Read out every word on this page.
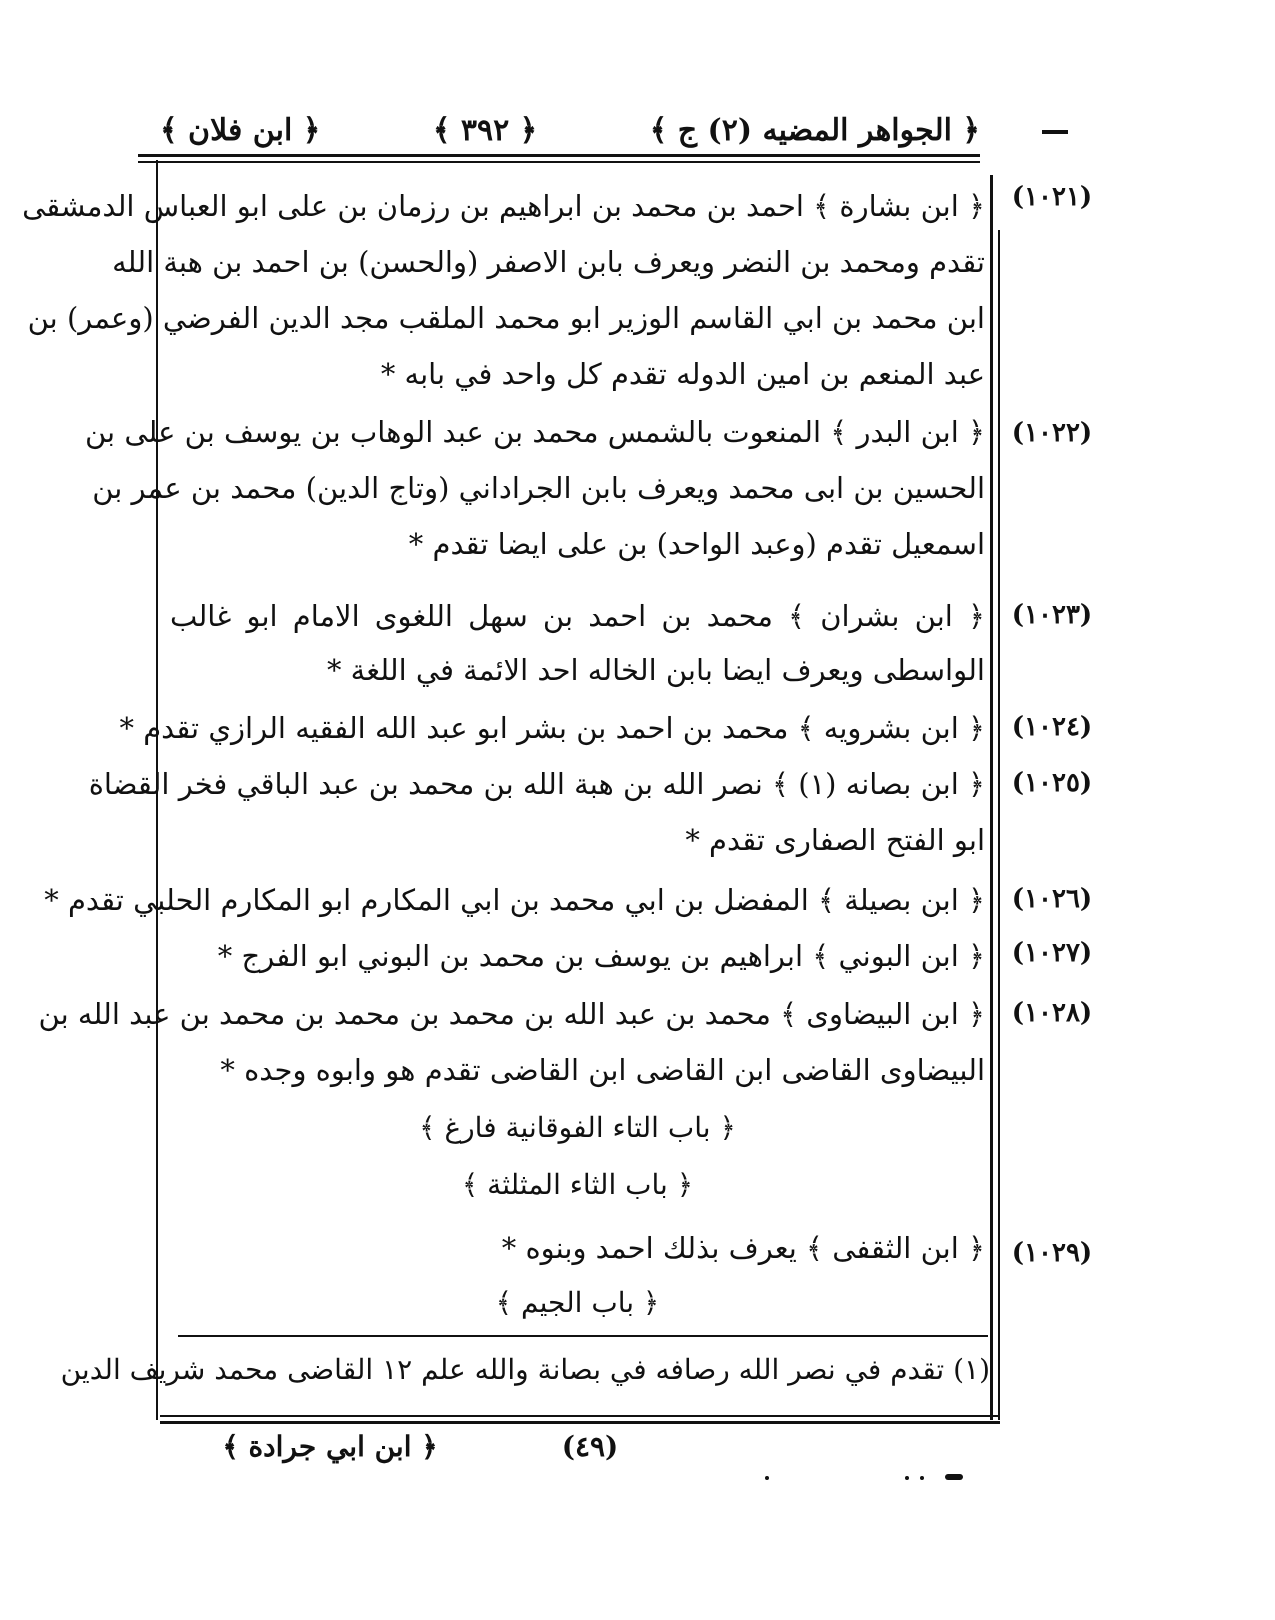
﴿ الجواهر المضيه (٢) ج ﴾
﴿ ٣٩٢ ﴾
﴿ ابن فلان ﴾
(١٠٢١)
﴿ ابن بشارة ﴾ احمد بن محمد بن ابراهيم بن رزمان بن على ابو العباس الدمشقى
تقدم ومحمد بن النضر ويعرف بابن الاصفر (والحسن) بن احمد بن هبة الله
ابن محمد بن ابي القاسم الوزير ابو محمد الملقب مجد الدين الفرضي (وعمر) بن
عبد المنعم بن امين الدوله تقدم كل واحد في بابه *
(١٠٢٢)
﴿ ابن البدر ﴾ المنعوت بالشمس محمد بن عبد الوهاب بن يوسف بن على بن
الحسين بن ابى محمد ويعرف بابن الجراداني (وتاج الدين) محمد بن عمر بن
اسمعيل تقدم (وعبد الواحد) بن على ايضا تقدم *
(١٠٢٣)
﴿ ابن بشران ﴾ محمد بن احمد بن سهل اللغوى الامام ابو غالب
الواسطى ويعرف ايضا بابن الخاله احد الائمة في اللغة *
(١٠٢٤)
﴿ ابن بشرويه ﴾ محمد بن احمد بن بشر ابو عبد الله الفقيه الرازي تقدم *
(١٠٢٥)
﴿ ابن بصانه (١) ﴾ نصر الله بن هبة الله بن محمد بن عبد الباقي فخر القضاة
ابو الفتح الصفارى تقدم *
(١٠٢٦)
﴿ ابن بصيلة ﴾ المفضل بن ابي محمد بن ابي المكارم ابو المكارم الحلبي تقدم *
(١٠٢٧)
﴿ ابن البوني ﴾ ابراهيم بن يوسف بن محمد بن البوني ابو الفرج *
(١٠٢٨)
﴿ ابن البيضاوى ﴾ محمد بن عبد الله بن محمد بن محمد بن محمد بن عبد الله بن
البيضاوى القاضى ابن القاضى ابن القاضى تقدم هو وابوه وجده *
﴿ باب التاء الفوقانية فارغ ﴾
﴿ باب الثاء المثلثة ﴾
(١٠٢٩)
﴿ ابن الثقفى ﴾ يعرف بذلك احمد وبنوه *
﴿ باب الجيم ﴾
(١) تقدم في نصر الله رصافه في بصانة والله علم ١٢ القاضى محمد شريف الدين
﴿ ابن ابي جرادة ﴾	(٤٩)
